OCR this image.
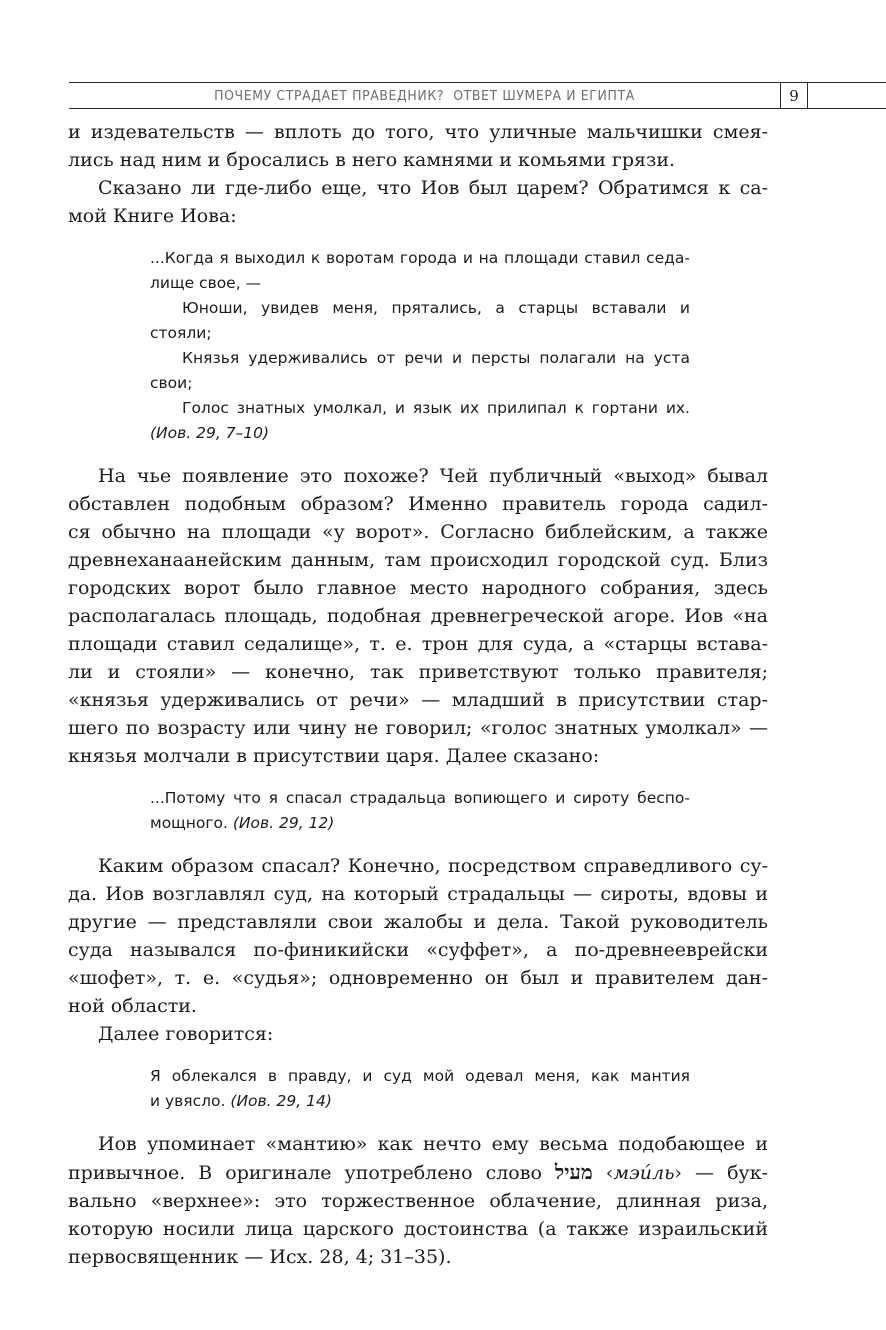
ПОЧЕМУ СТРАДАЕТ ПРАВЕДНИК?  ОТВЕТ ШУМЕРА И ЕГИПТА	9
и издевательств — вплоть до того, что уличные мальчишки смея-
лись над ним и бросались в него камнями и комьями грязи.
Сказано ли где-либо еще, что Иов был царем? Обратимся к са-
мой Книге Иова:
...Когда я выходил к воротам города и на площади ставил седа-
лище свое, —
Юноши, увидев меня, прятались, а старцы вставали и стояли;
Князья удерживались от речи и персты полагали на уста
свои;
Голос знатных умолкал, и язык их прилипал к гортани их.
(Иов. 29, 7–10)
На чье появление это похоже? Чей публичный «выход» бывал
обставлен подобным образом? Именно правитель города садил-
ся обычно на площади «у ворот». Согласно библейским, а также
древнеханаанейским данным, там происходил городской суд. Близ
городских ворот было главное место народного собрания, здесь
располагалась площадь, подобная древнегреческой агоре. Иов «на
площади ставил седалище», т. е. трон для суда, а «старцы встава-
ли и стояли» — конечно, так приветствуют только правителя;
«князья удерживались от речи» — младший в присутствии стар-
шего по возрасту или чину не говорил; «голос знатных умолкал» —
князья молчали в присутствии царя. Далее сказано:
...Потому что я спасал страдальца вопиющего и сироту беспо-
мощного. (Иов. 29, 12)
Каким образом спасал? Конечно, посредством справедливого су-
да. Иов возглавлял суд, на который страдальцы — сироты, вдовы и
другие — представляли свои жалобы и дела. Такой руководитель
суда назывался по-финикийски «суффет», а по-древнееврейски
«шофет», т. е. «судья»; одновременно он был и правителем дан-
ной области.
Далее говорится:
Я облекался в правду, и суд мой одевал меня, как мантия
и увясло. (Иов. 29, 14)
Иов упоминает «мантию» как нечто ему весьма подобающее и
привычное. В оригинале употреблено слово מעיל ‹мэи́ль› — бук-
вально «верхнее»: это торжественное облачение, длинная риза,
которую носили лица царского достоинства (а также израильский
первосвященник — Исх. 28, 4; 31–35).
